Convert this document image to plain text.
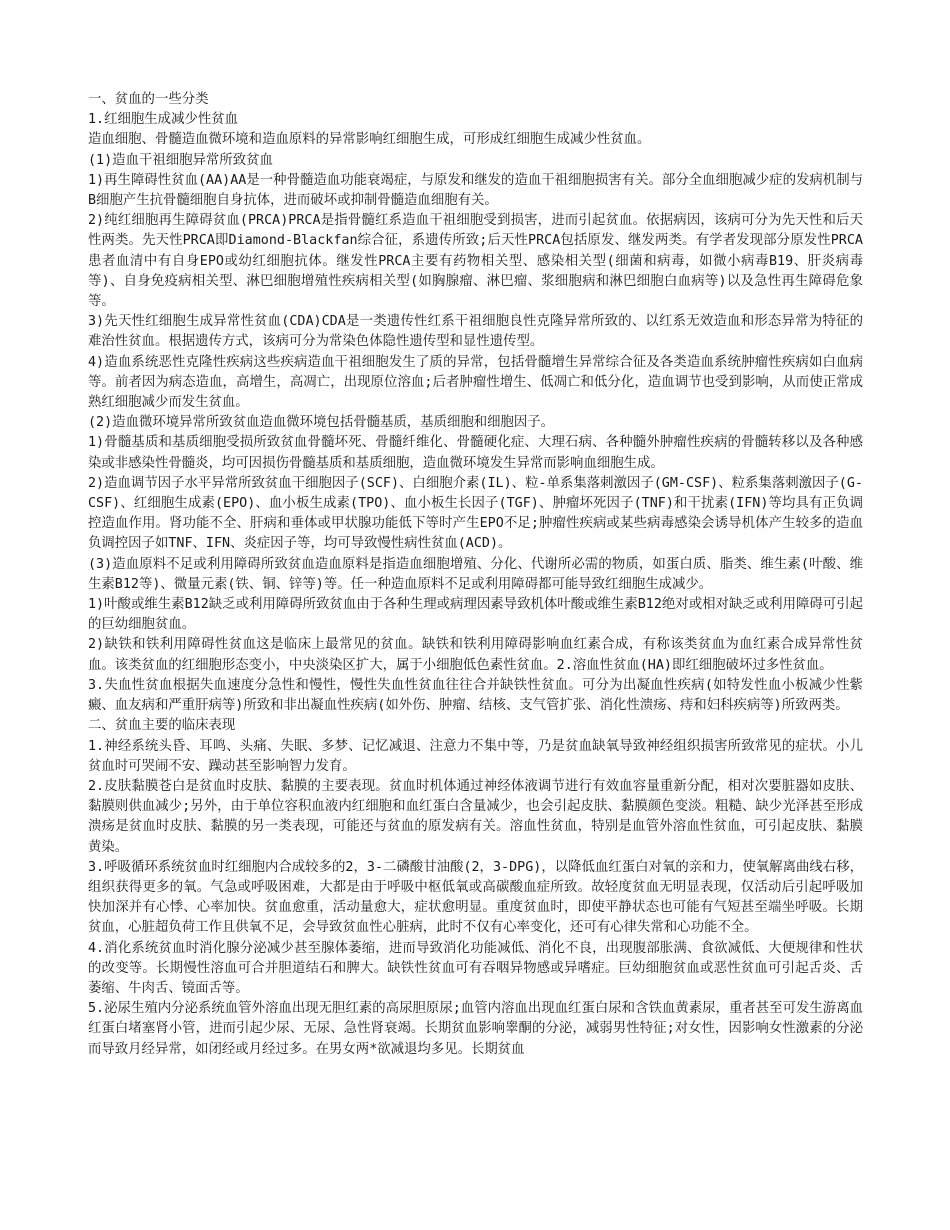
一、贫血的一些分类

1.红细胞生成减少性贫血

造血细胞、骨髓造血微环境和造血原料的异常影响红细胞生成，可形成红细胞生成减少性贫血。

(1)造血干祖细胞异常所致贫血

1)再生障碍性贫血(AA)AA是一种骨髓造血功能衰竭症，与原发和继发的造血干祖细胞损害有关。部分全血细胞减少症的发病机制与B细胞产生抗骨髓细胞自身抗体，进而破坏或抑制骨髓造血细胞有关。

2)纯红细胞再生障碍贫血(PRCA)PRCA是指骨髓红系造血干祖细胞受到损害，进而引起贫血。依据病因，该病可分为先天性和后天性两类。先天性PRCA即Diamond-Blackfan综合征，系遗传所致;后天性PRCA包括原发、继发两类。有学者发现部分原发性PRCA患者血清中有自身EPO或幼红细胞抗体。继发性PRCA主要有药物相关型、感染相关型(细菌和病毒，如微小病毒B19、肝炎病毒等)、自身免疫病相关型、淋巴细胞增殖性疾病相关型(如胸腺瘤、淋巴瘤、浆细胞病和淋巴细胞白血病等)以及急性再生障碍危象等。

3)先天性红细胞生成异常性贫血(CDA)CDA是一类遗传性红系干祖细胞良性克隆异常所致的、以红系无效造血和形态异常为特征的难治性贫血。根据遗传方式，该病可分为常染色体隐性遗传型和显性遗传型。

4)造血系统恶性克隆性疾病这些疾病造血干祖细胞发生了质的异常，包括骨髓增生异常综合征及各类造血系统肿瘤性疾病如白血病等。前者因为病态造血，高增生，高凋亡，出现原位溶血;后者肿瘤性增生、低凋亡和低分化，造血调节也受到影响，从而使正常成熟红细胞减少而发生贫血。

(2)造血微环境异常所致贫血造血微环境包括骨髓基质，基质细胞和细胞因子。

1)骨髓基质和基质细胞受损所致贫血骨髓坏死、骨髓纤维化、骨髓硬化症、大理石病、各种髓外肿瘤性疾病的骨髓转移以及各种感染或非感染性骨髓炎，均可因损伤骨髓基质和基质细胞，造血微环境发生异常而影响血细胞生成。

2)造血调节因子水平异常所致贫血干细胞因子(SCF)、白细胞介素(IL)、粒-单系集落刺激因子(GM-CSF)、粒系集落刺激因子(G-CSF)、红细胞生成素(EPO)、血小板生成素(TPO)、血小板生长因子(TGF)、肿瘤坏死因子(TNF)和干扰素(IFN)等均具有正负调控造血作用。肾功能不全、肝病和垂体或甲状腺功能低下等时产生EPO不足;肿瘤性疾病或某些病毒感染会诱导机体产生较多的造血负调控因子如TNF、IFN、炎症因子等，均可导致慢性病性贫血(ACD)。

(3)造血原料不足或利用障碍所致贫血造血原料是指造血细胞增殖、分化、代谢所必需的物质，如蛋白质、脂类、维生素(叶酸、维生素B12等)、微量元素(铁、铜、锌等)等。任一种造血原料不足或利用障碍都可能导致红细胞生成减少。

1)叶酸或维生素B12缺乏或利用障碍所致贫血由于各种生理或病理因素导致机体叶酸或维生素B12绝对或相对缺乏或利用障碍可引起的巨幼细胞贫血。

2)缺铁和铁利用障碍性贫血这是临床上最常见的贫血。缺铁和铁利用障碍影响血红素合成，有称该类贫血为血红素合成异常性贫血。该类贫血的红细胞形态变小，中央淡染区扩大，属于小细胞低色素性贫血。2.溶血性贫血(HA)即红细胞破坏过多性贫血。

3.失血性贫血根据失血速度分急性和慢性，慢性失血性贫血往往合并缺铁性贫血。可分为出凝血性疾病(如特发性血小板减少性紫癜、血友病和严重肝病等)所致和非出凝血性疾病(如外伤、肿瘤、结核、支气管扩张、消化性溃疡、痔和妇科疾病等)所致两类。

二、贫血主要的临床表现

1.神经系统头昏、耳鸣、头痛、失眠、多梦、记忆减退、注意力不集中等，乃是贫血缺氧导致神经组织损害所致常见的症状。小儿贫血时可哭闹不安、躁动甚至影响智力发育。

2.皮肤黏膜苍白是贫血时皮肤、黏膜的主要表现。贫血时机体通过神经体液调节进行有效血容量重新分配，相对次要脏器如皮肤、黏膜则供血减少;另外，由于单位容积血液内红细胞和血红蛋白含量减少，也会引起皮肤、黏膜颜色变淡。粗糙、缺少光泽甚至形成溃疡是贫血时皮肤、黏膜的另一类表现，可能还与贫血的原发病有关。溶血性贫血，特别是血管外溶血性贫血，可引起皮肤、黏膜黄染。

3.呼吸循环系统贫血时红细胞内合成较多的2，3-二磷酸甘油酸(2，3-DPG)，以降低血红蛋白对氧的亲和力，使氧解离曲线右移，组织获得更多的氧。气急或呼吸困难，大都是由于呼吸中枢低氧或高碳酸血症所致。故轻度贫血无明显表现，仅活动后引起呼吸加快加深并有心悸、心率加快。贫血愈重，活动量愈大，症状愈明显。重度贫血时，即使平静状态也可能有气短甚至端坐呼吸。长期贫血，心脏超负荷工作且供氧不足，会导致贫血性心脏病，此时不仅有心率变化，还可有心律失常和心功能不全。

4.消化系统贫血时消化腺分泌减少甚至腺体萎缩，进而导致消化功能减低、消化不良，出现腹部胀满、食欲减低、大便规律和性状的改变等。长期慢性溶血可合并胆道结石和脾大。缺铁性贫血可有吞咽异物感或异嗜症。巨幼细胞贫血或恶性贫血可引起舌炎、舌萎缩、牛肉舌、镜面舌等。

5.泌尿生殖内分泌系统血管外溶血出现无胆红素的高尿胆原尿;血管内溶血出现血红蛋白尿和含铁血黄素尿，重者甚至可发生游离血红蛋白堵塞肾小管，进而引起少尿、无尿、急性肾衰竭。长期贫血影响睾酮的分泌，减弱男性特征;对女性，因影响女性激素的分泌而导致月经异常，如闭经或月经过多。在男女两*欲减退均多见。长期贫血
